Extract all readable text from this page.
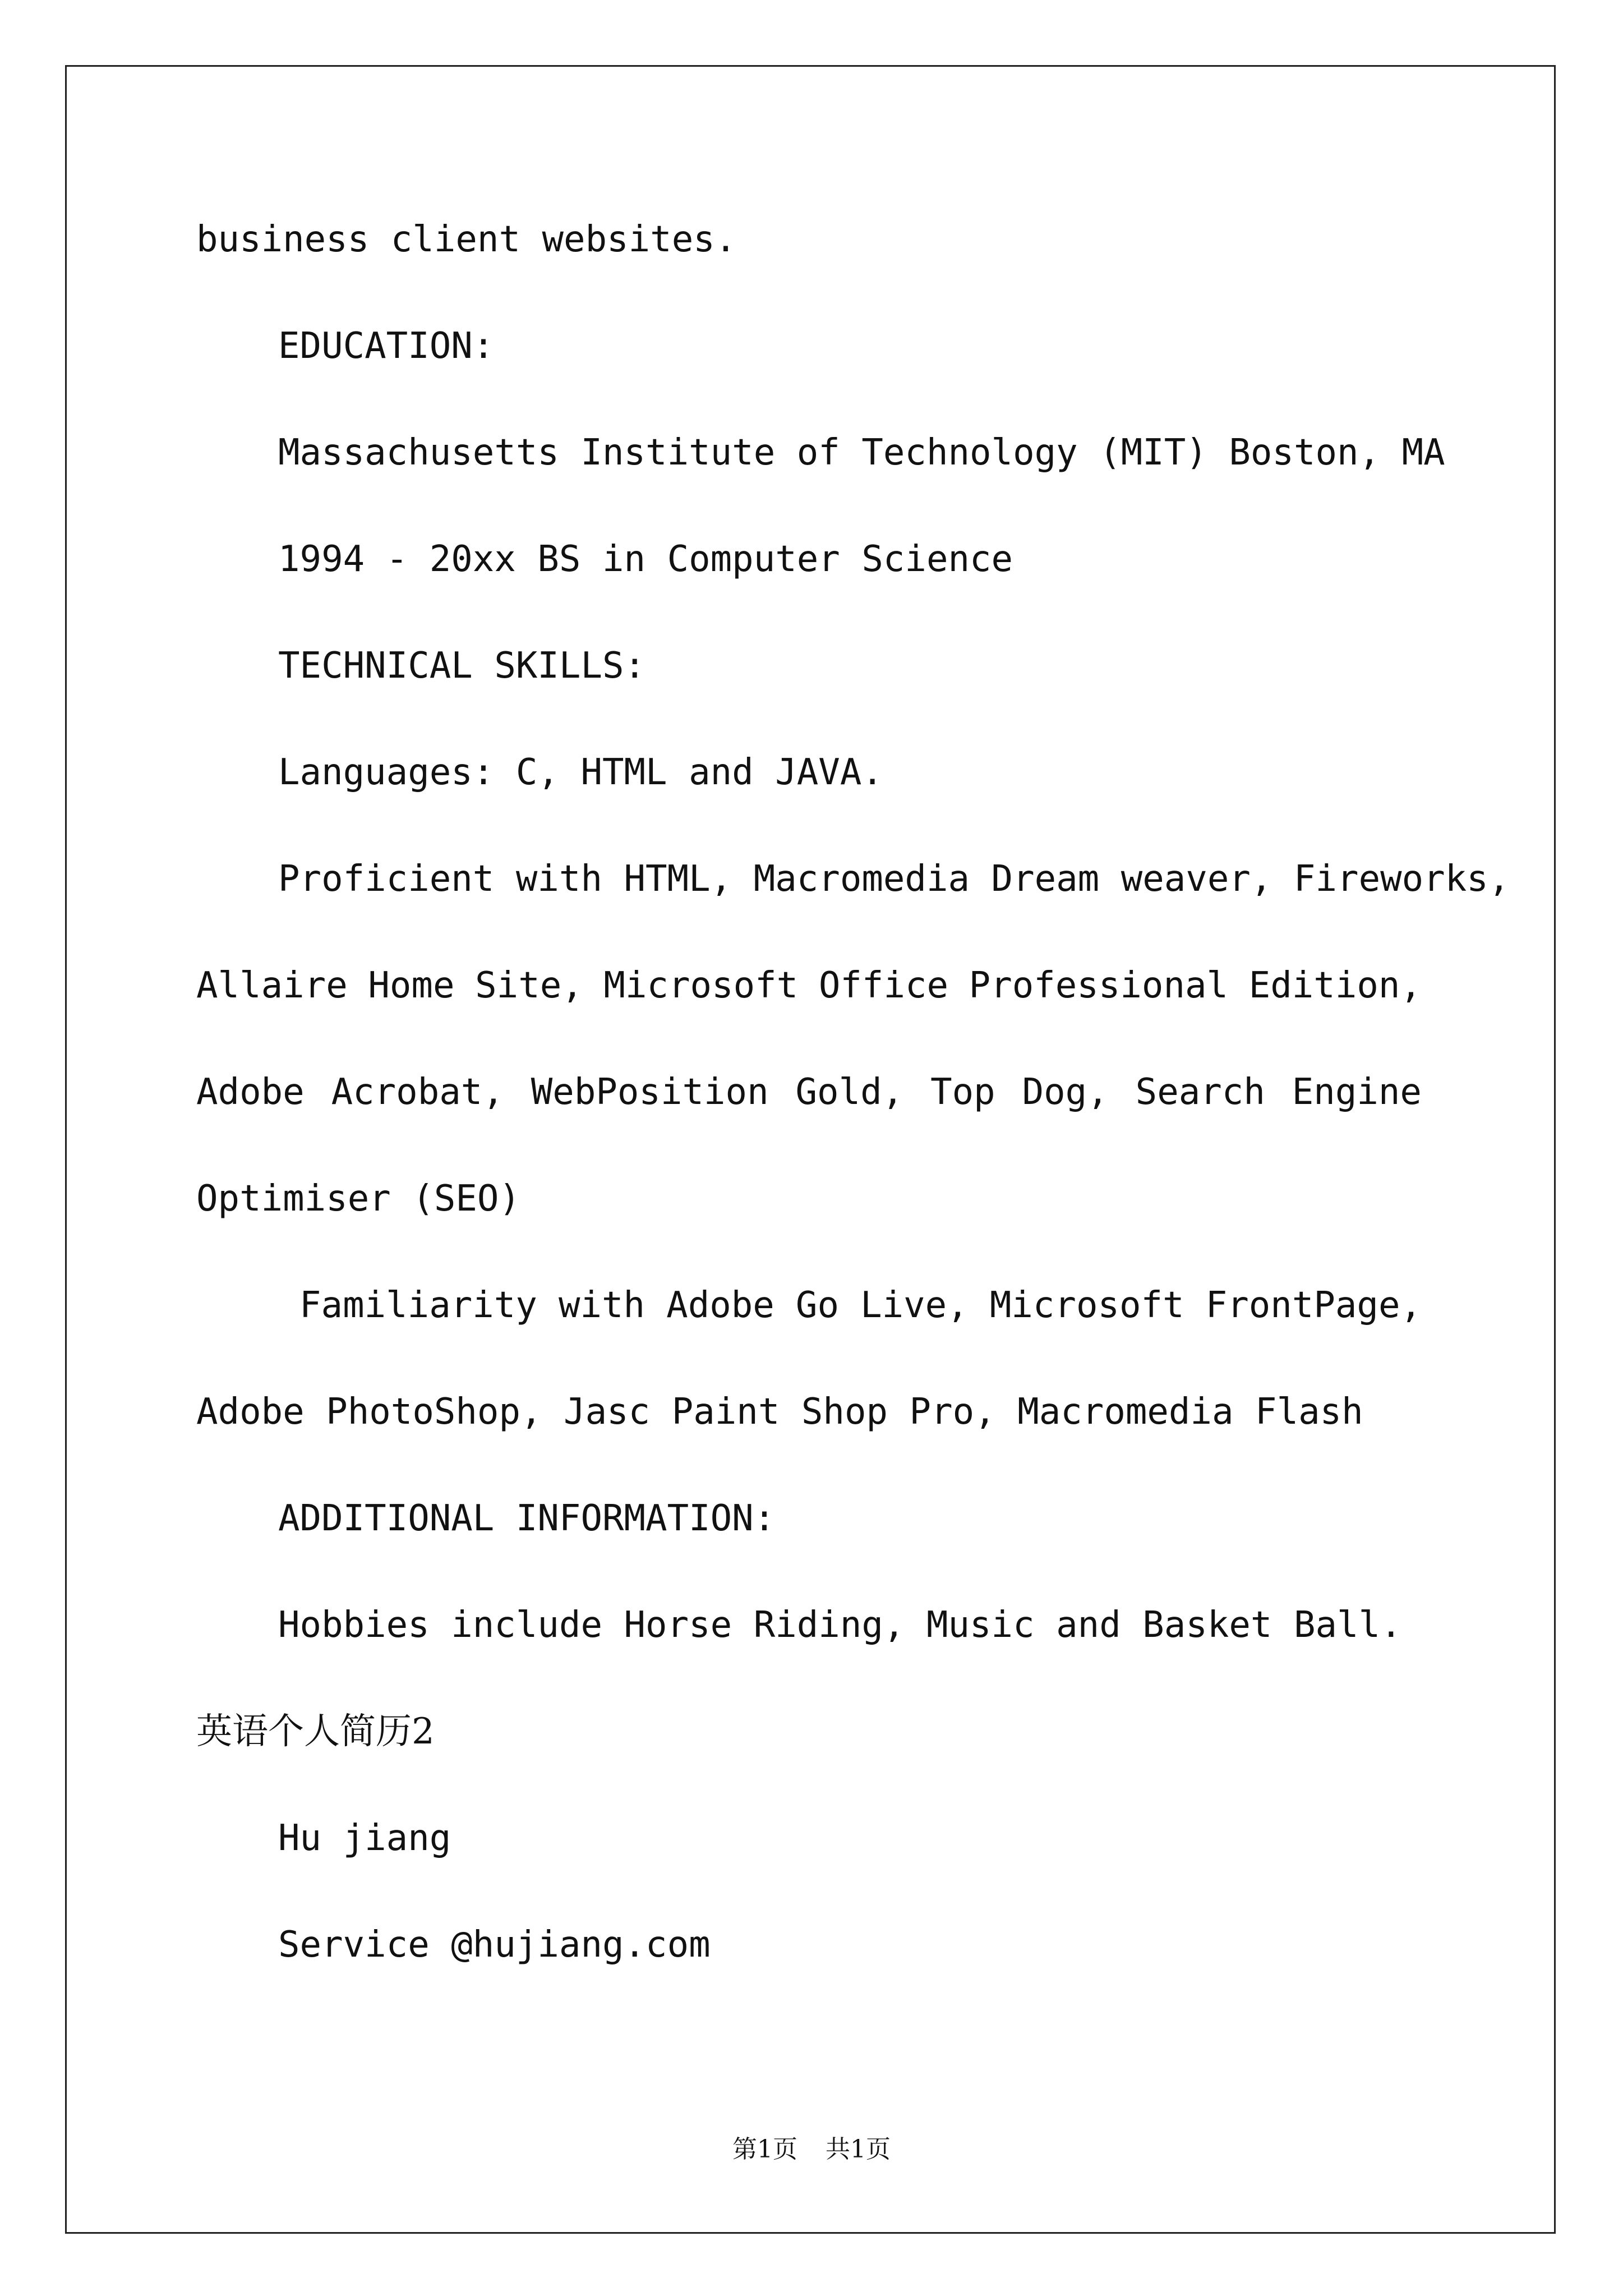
business client websites.
EDUCATION:
Massachusetts Institute of Technology (MIT) Boston, MA
1994 - 20xx BS in Computer Science
TECHNICAL SKILLS:
Languages: C, HTML and JAVA.
Proficient with HTML, Macromedia Dream weaver, Fireworks,
Allaire Home Site, Microsoft Office Professional Edition,
Adobe Acrobat, WebPosition Gold, Top Dog, Search Engine
Optimiser (SEO)
Familiarity with Adobe Go Live, Microsoft FrontPage,
Adobe PhotoShop, Jasc Paint Shop Pro, Macromedia Flash
ADDITIONAL INFORMATION:
Hobbies include Horse Riding, Music and Basket Ball.
英语个人简历2
Hu jiang
Service @hujiang.com
第1页 共1页
